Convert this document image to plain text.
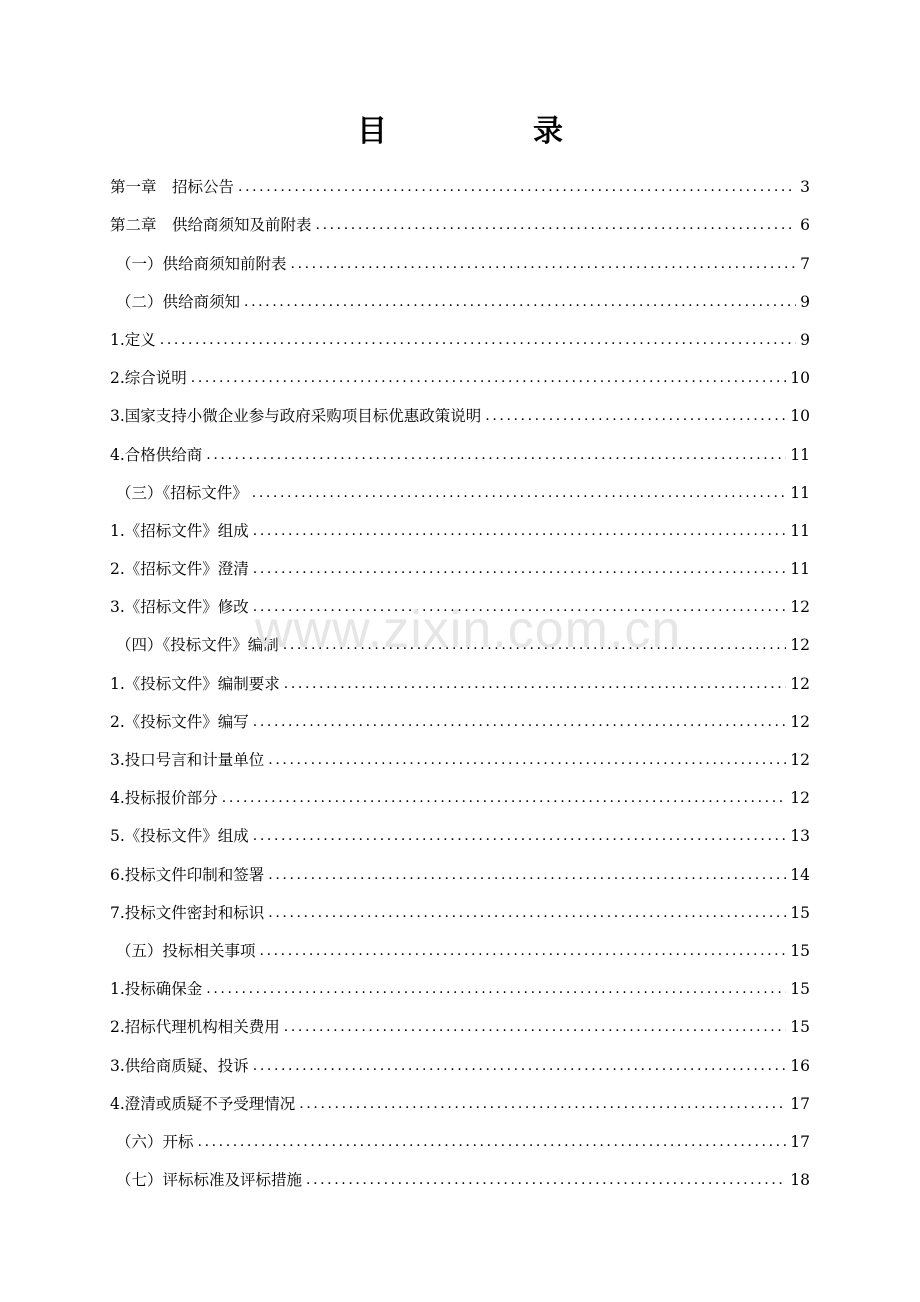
目　录
第一章　招标公告 .....	3
第二章　供给商须知及前附表 .....	6
（一）供给商须知前附表 .....	7
（二）供给商须知 .....	9
1.定义 .....	9
2.综合说明 .....	10
3.国家支持小微企业参与政府采购项目标优惠政策说明 .....	10
4.合格供给商 .....	11
（三）《招标文件》 .....	11
1.《招标文件》组成 .....	11
2.《招标文件》澄清 .....	11
3.《招标文件》修改 .....	12
（四）《投标文件》编制 .....	12
1.《投标文件》编制要求 .....	12
2.《投标文件》编写 .....	12
3.投口号言和计量单位 .....	12
4.投标报价部分 .....	12
5.《投标文件》组成 .....	13
6.投标文件印制和签署 .....	14
7.投标文件密封和标识 .....	15
（五）投标相关事项 .....	15
1.投标确保金 .....	15
2.招标代理机构相关费用 .....	15
3.供给商质疑、投诉 .....	16
4.澄清或质疑不予受理情况 .....	17
（六）开标 .....	17
（七）评标标准及评标措施 .....	18
www.zixin.com.cn
